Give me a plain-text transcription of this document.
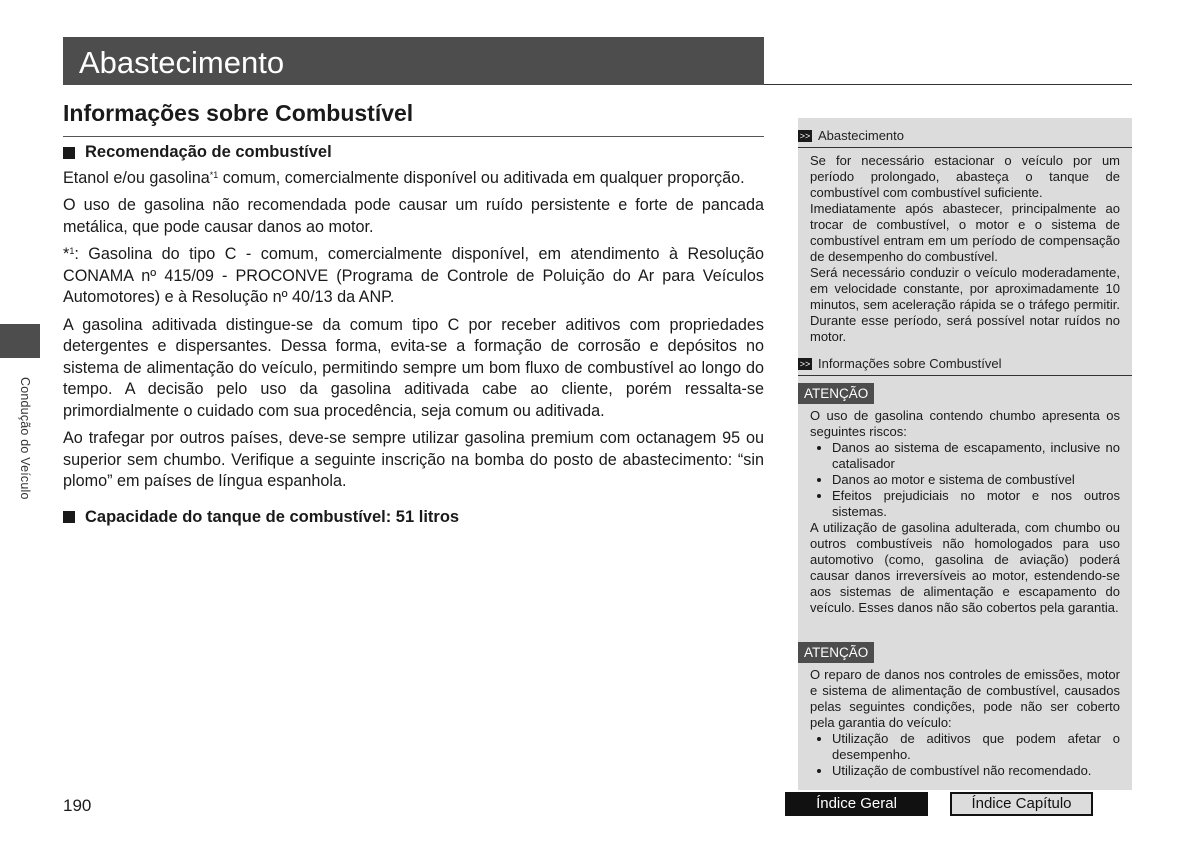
Abastecimento
Informações sobre Combustível
Condução do Veículo
Recomendação de combustível

Etanol e/ou gasolina$^{*1}$ comum, comercialmente disponível ou aditivada em qualquer proporção.

O uso de gasolina não recomendada pode causar um ruído persistente e forte de pancada metálica, que pode causar danos ao motor.

*$^1$: Gasolina do tipo C - comum, comercialmente disponível, em atendimento à Resolução CONAMA nº 415/09 - PROCONVE (Programa de Controle de Poluição do Ar para Veículos Automotores) e à Resolução nº 40/13 da ANP.

A gasolina aditivada distingue-se da comum tipo C por receber aditivos com propriedades detergentes e dispersantes. Dessa forma, evita-se a formação de corrosão e depósitos no sistema de alimentação do veículo, permitindo sempre um bom fluxo de combustível ao longo do tempo. A decisão pelo uso da gasolina aditivada cabe ao cliente, porém ressalta-se primordialmente o cuidado com sua procedência, seja comum ou aditivada.

Ao trafegar por outros países, deve-se sempre utilizar gasolina premium com octanagem 95 ou superior sem chumbo. Verifique a seguinte inscrição na bomba do posto de abastecimento: “sin plomo” em países de língua espanhola.

Capacidade do tanque de combustível: 51 litros
>> Abastecimento

Se for necessário estacionar o veículo por um período prolongado, abasteça o tanque de combustível com combustível suficiente.

Imediatamente após abastecer, principalmente ao trocar de combustível, o motor e o sistema de combustível entram em um período de compensação de desempenho do combustível.

Será necessário conduzir o veículo moderadamente, em velocidade constante, por aproximadamente 10 minutos, sem aceleração rápida se o tráfego permitir. Durante esse período, será possível notar ruídos no motor.

>> Informações sobre Combustível
ATENÇÃO

O uso de gasolina contendo chumbo apresenta os seguintes riscos:

• Danos ao sistema de escapamento, inclusive no catalisador
• Danos ao motor e sistema de combustível
• Efeitos prejudiciais no motor e nos outros sistemas.

A utilização de gasolina adulterada, com chumbo ou outros combustíveis não homologados para uso automotivo (como, gasolina de aviação) poderá causar danos irreversíveis ao motor, estendendo-se aos sistemas de alimentação e escapamento do veículo. Esses danos não são cobertos pela garantia.

ATENÇÃO

O reparo de danos nos controles de emissões, motor e sistema de alimentação de combustível, causados pelas seguintes condições, pode não ser coberto pela garantia do veículo:

• Utilização de aditivos que podem afetar o desempenho.
• Utilização de combustível não recomendado.
190	Índice Geral	Índice Capítulo
